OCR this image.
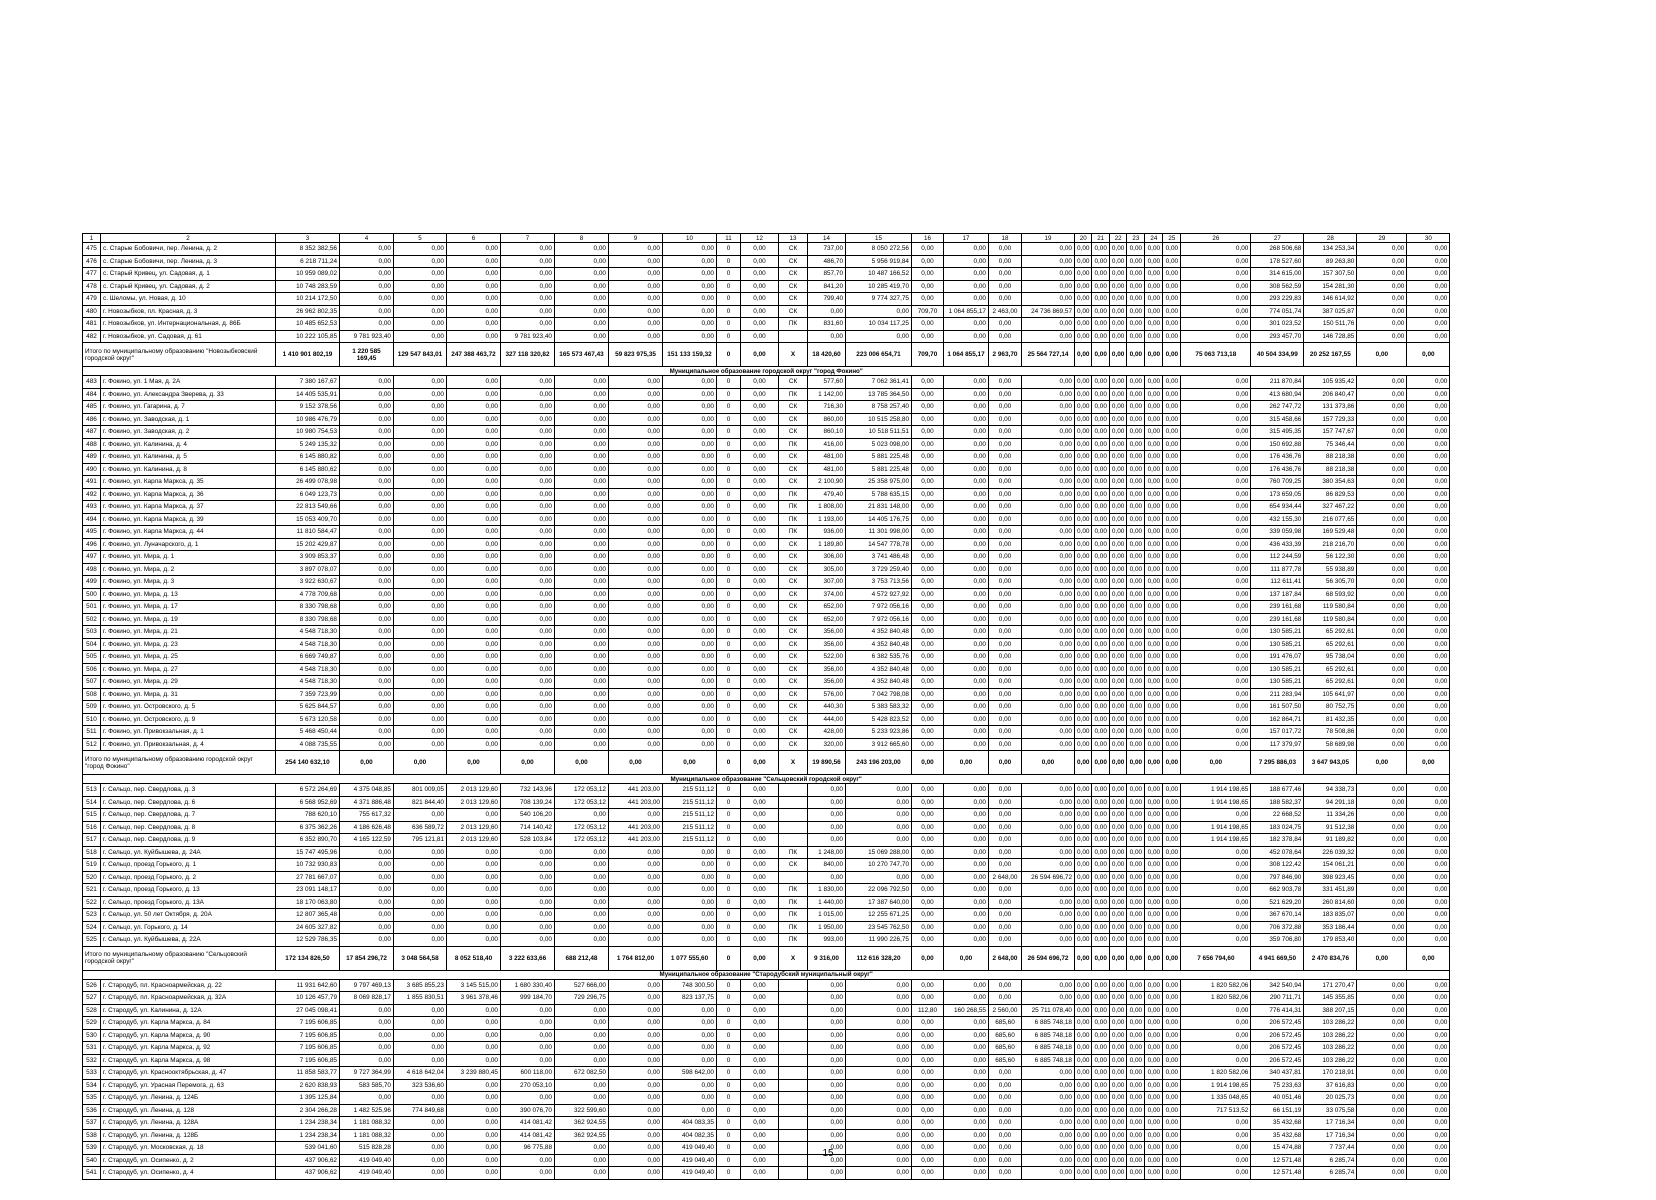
1	2	3	4	5	6	7	8	9	10	11	12	13	14	15	16	17	18	19	20	21	22	23	24	25	26	27	28	29	30
475	с. Старые Бобовичи, пер. Ленина, д. 2	8 352 382,56	0,00	0,00	0,00	0,00	0,00	0,00	0,00	0	0,00	СК	737,00	8 050 272,56	0,00	0,00	0,00	0,00	0,00	0,00	0,00	0,00	0,00	0,00	0,00	268 506,68	134 253,34	0,00	0,00
476	с. Старые Бобовичи, пер. Ленина, д. 3	6 218 711,24	0,00	0,00	0,00	0,00	0,00	0,00	0,00	0	0,00	СК	486,70	5 956 919,84	0,00	0,00	0,00	0,00	0,00	0,00	0,00	0,00	0,00	0,00	0,00	178 527,60	89 263,80	0,00	0,00
477	с. Старый Кривец, ул. Садовая, д. 1	10 959 089,02	0,00	0,00	0,00	0,00	0,00	0,00	0,00	0	0,00	СК	857,70	10 487 166,52	0,00	0,00	0,00	0,00	0,00	0,00	0,00	0,00	0,00	0,00	0,00	314 615,00	157 307,50	0,00	0,00
478	с. Старый Кривец, ул. Садовая, д. 2	10 748 283,59	0,00	0,00	0,00	0,00	0,00	0,00	0,00	0	0,00	СК	841,20	10 285 419,70	0,00	0,00	0,00	0,00	0,00	0,00	0,00	0,00	0,00	0,00	0,00	308 562,59	154 281,30	0,00	0,00
479	с. Шеломы, ул. Новая, д. 10	10 214 172,50	0,00	0,00	0,00	0,00	0,00	0,00	0,00	0	0,00	СК	799,40	9 774 327,75	0,00	0,00	0,00	0,00	0,00	0,00	0,00	0,00	0,00	0,00	0,00	293 229,83	146 614,92	0,00	0,00
480	г. Новозыбков, пл. Красная, д. 3	26 962 802,35	0,00	0,00	0,00	0,00	0,00	0,00	0,00	0	0,00	СК	0,00	0,00	709,70	1 064 855,17	2 463,00	24 736 869,57	0,00	0,00	0,00	0,00	0,00	0,00	0,00	774 051,74	387 025,87	0,00	0,00
481	г. Новозыбков, ул. Интернациональная, д. 86Б	10 485 652,53	0,00	0,00	0,00	0,00	0,00	0,00	0,00	0	0,00	ПК	831,60	10 034 117,25	0,00	0,00	0,00	0,00	0,00	0,00	0,00	0,00	0,00	0,00	0,00	301 023,52	150 511,76	0,00	0,00
482	г. Новозыбков, ул. Садовая, д. 61	10 222 105,85	9 781 923,40	0,00	0,00	9 781 923,40	0,00	0,00	0,00	0	0,00		0,00	0,00	0,00	0,00	0,00	0,00	0,00	0,00	0,00	0,00	0,00	0,00	0,00	293 457,70	146 728,85	0,00	0,00
Итого по муниципальному образованию "Новозыбковский городской округ"		1 410 901 802,19	1 220 585 169,45	129 547 843,01	247 388 463,72	327 118 320,82	165 573 467,43	59 823 975,35	151 133 159,32	0	0,00	X	18 420,60	223 006 654,71	709,70	1 064 855,17	2 963,70	25 564 727,14	0,00	0,00	0,00	0,00	0,00	0,00	75 063 713,18	40 504 334,99	20 252 167,55	0,00	0,00
Муниципальное образование городской округ "город Фокино"																													
483	г. Фокино, ул. 1 Мая, д. 2А	7 380 167,67	0,00	0,00	0,00	0,00	0,00	0,00	0,00	0	0,00	СК	577,60	7 062 361,41	0,00	0,00	0,00	0,00	0,00	0,00	0,00	0,00	0,00	0,00	0,00	211 870,84	105 935,42	0,00	0,00
484	г. Фокино, ул. Александра Зверева, д. 33	14 405 535,91	0,00	0,00	0,00	0,00	0,00	0,00	0,00	0	0,00	ПК	1 142,00	13 785 364,50	0,00	0,00	0,00	0,00	0,00	0,00	0,00	0,00	0,00	0,00	0,00	413 680,94	206 840,47	0,00	0,00
485	г. Фокино, ул. Гагарина, д. 7	9 152 378,56	0,00	0,00	0,00	0,00	0,00	0,00	0,00	0	0,00	СК	716,30	8 758 257,40	0,00	0,00	0,00	0,00	0,00	0,00	0,00	0,00	0,00	0,00	0,00	262 747,72	131 373,86	0,00	0,00
486	г. Фокино, ул. Заводская, д. 1	10 986 476,79	0,00	0,00	0,00	0,00	0,00	0,00	0,00	0	0,00	СК	860,00	10 515 258,80	0,00	0,00	0,00	0,00	0,00	0,00	0,00	0,00	0,00	0,00	0,00	315 458,66	157 729,33	0,00	0,00
487	г. Фокино, ул. Заводская, д. 2	10 980 754,53	0,00	0,00	0,00	0,00	0,00	0,00	0,00	0	0,00	СК	860,10	10 518 511,51	0,00	0,00	0,00	0,00	0,00	0,00	0,00	0,00	0,00	0,00	0,00	315 495,35	157 747,67	0,00	0,00
488	г. Фокино, ул. Калинина, д. 4	5 249 135,32	0,00	0,00	0,00	0,00	0,00	0,00	0,00	0	0,00	ПК	416,00	5 023 098,00	0,00	0,00	0,00	0,00	0,00	0,00	0,00	0,00	0,00	0,00	0,00	150 692,88	75 346,44	0,00	0,00
489	г. Фокино, ул. Калинина, д. 5	6 145 880,82	0,00	0,00	0,00	0,00	0,00	0,00	0,00	0	0,00	СК	481,00	5 881 225,48	0,00	0,00	0,00	0,00	0,00	0,00	0,00	0,00	0,00	0,00	0,00	176 436,76	88 218,38	0,00	0,00
490	г. Фокино, ул. Калинина, д. 8	6 145 880,62	0,00	0,00	0,00	0,00	0,00	0,00	0,00	0	0,00	СК	481,00	5 881 225,48	0,00	0,00	0,00	0,00	0,00	0,00	0,00	0,00	0,00	0,00	0,00	176 436,76	88 218,38	0,00	0,00
491	г. Фокино, ул. Карла Маркса, д. 35	26 499 078,98	0,00	0,00	0,00	0,00	0,00	0,00	0,00	0	0,00	СК	2 100,90	25 358 975,00	0,00	0,00	0,00	0,00	0,00	0,00	0,00	0,00	0,00	0,00	0,00	760 709,25	380 354,63	0,00	0,00
492	г. Фокино, ул. Карла Маркса, д. 36	6 049 123,73	0,00	0,00	0,00	0,00	0,00	0,00	0,00	0	0,00	ПК	479,40	5 788 635,15	0,00	0,00	0,00	0,00	0,00	0,00	0,00	0,00	0,00	0,00	0,00	173 659,05	86 829,53	0,00	0,00
493	г. Фокино, ул. Карла Маркса, д. 37	22 813 549,66	0,00	0,00	0,00	0,00	0,00	0,00	0,00	0	0,00	ПК	1 808,00	21 831 148,00	0,00	0,00	0,00	0,00	0,00	0,00	0,00	0,00	0,00	0,00	0,00	654 934,44	327 467,22	0,00	0,00
494	г. Фокино, ул. Карла Маркса, д. 39	15 053 409,70	0,00	0,00	0,00	0,00	0,00	0,00	0,00	0	0,00	ПК	1 193,00	14 405 176,75	0,00	0,00	0,00	0,00	0,00	0,00	0,00	0,00	0,00	0,00	0,00	432 155,30	216 077,65	0,00	0,00
495	г. Фокино, ул. Карла Маркса, д. 44	11 810 584,47	0,00	0,00	0,00	0,00	0,00	0,00	0,00	0	0,00	ПК	936,00	11 301 998,00	0,00	0,00	0,00	0,00	0,00	0,00	0,00	0,00	0,00	0,00	0,00	339 059,98	169 529,48	0,00	0,00
496	г. Фокино, ул. Луначарского, д. 1	15 202 429,87	0,00	0,00	0,00	0,00	0,00	0,00	0,00	0	0,00	СК	1 189,80	14 547 778,78	0,00	0,00	0,00	0,00	0,00	0,00	0,00	0,00	0,00	0,00	0,00	436 433,39	218 216,70	0,00	0,00
497	г. Фокино, ул. Мира, д. 1	3 909 853,37	0,00	0,00	0,00	0,00	0,00	0,00	0,00	0	0,00	СК	306,00	3 741 486,48	0,00	0,00	0,00	0,00	0,00	0,00	0,00	0,00	0,00	0,00	0,00	112 244,59	56 122,30	0,00	0,00
498	г. Фокино, ул. Мира, д. 2	3 897 078,07	0,00	0,00	0,00	0,00	0,00	0,00	0,00	0	0,00	СК	305,00	3 729 259,40	0,00	0,00	0,00	0,00	0,00	0,00	0,00	0,00	0,00	0,00	0,00	111 877,78	55 938,89	0,00	0,00
499	г. Фокино, ул. Мира, д. 3	3 922 630,67	0,00	0,00	0,00	0,00	0,00	0,00	0,00	0	0,00	СК	307,00	3 753 713,56	0,00	0,00	0,00	0,00	0,00	0,00	0,00	0,00	0,00	0,00	0,00	112 611,41	56 305,70	0,00	0,00
500	г. Фокино, ул. Мира, д. 13	4 778 709,68	0,00	0,00	0,00	0,00	0,00	0,00	0,00	0	0,00	СК	374,00	4 572 927,92	0,00	0,00	0,00	0,00	0,00	0,00	0,00	0,00	0,00	0,00	0,00	137 187,84	68 593,92	0,00	0,00
501	г. Фокино, ул. Мира, д. 17	8 330 798,68	0,00	0,00	0,00	0,00	0,00	0,00	0,00	0	0,00	СК	652,00	7 972 056,16	0,00	0,00	0,00	0,00	0,00	0,00	0,00	0,00	0,00	0,00	0,00	239 161,68	119 580,84	0,00	0,00
502	г. Фокино, ул. Мира, д. 19	8 330 798,68	0,00	0,00	0,00	0,00	0,00	0,00	0,00	0	0,00	СК	652,00	7 972 056,16	0,00	0,00	0,00	0,00	0,00	0,00	0,00	0,00	0,00	0,00	0,00	239 161,68	119 580,84	0,00	0,00
503	г. Фокино, ул. Мира, д. 21	4 548 718,30	0,00	0,00	0,00	0,00	0,00	0,00	0,00	0	0,00	СК	356,00	4 352 840,48	0,00	0,00	0,00	0,00	0,00	0,00	0,00	0,00	0,00	0,00	0,00	130 585,21	65 292,61	0,00	0,00
504	г. Фокино, ул. Мира, д. 23	4 548 718,30	0,00	0,00	0,00	0,00	0,00	0,00	0,00	0	0,00	СК	356,00	4 352 840,48	0,00	0,00	0,00	0,00	0,00	0,00	0,00	0,00	0,00	0,00	0,00	130 585,21	65 292,61	0,00	0,00
505	г. Фокино, ул. Мира, д. 25	6 669 749,87	0,00	0,00	0,00	0,00	0,00	0,00	0,00	0	0,00	СК	522,00	6 382 535,76	0,00	0,00	0,00	0,00	0,00	0,00	0,00	0,00	0,00	0,00	0,00	191 476,07	95 738,04	0,00	0,00
506	г. Фокино, ул. Мира, д. 27	4 548 718,30	0,00	0,00	0,00	0,00	0,00	0,00	0,00	0	0,00	СК	356,00	4 352 840,48	0,00	0,00	0,00	0,00	0,00	0,00	0,00	0,00	0,00	0,00	0,00	130 585,21	65 292,61	0,00	0,00
507	г. Фокино, ул. Мира, д. 29	4 548 718,30	0,00	0,00	0,00	0,00	0,00	0,00	0,00	0	0,00	СК	356,00	4 352 840,48	0,00	0,00	0,00	0,00	0,00	0,00	0,00	0,00	0,00	0,00	0,00	130 585,21	65 292,61	0,00	0,00
508	г. Фокино, ул. Мира, д. 31	7 359 723,99	0,00	0,00	0,00	0,00	0,00	0,00	0,00	0	0,00	СК	576,00	7 042 798,08	0,00	0,00	0,00	0,00	0,00	0,00	0,00	0,00	0,00	0,00	0,00	211 283,94	105 641,97	0,00	0,00
509	г. Фокино, ул. Островского, д. 5	5 625 844,57	0,00	0,00	0,00	0,00	0,00	0,00	0,00	0	0,00	СК	440,30	5 383 583,32	0,00	0,00	0,00	0,00	0,00	0,00	0,00	0,00	0,00	0,00	0,00	161 507,50	80 752,75	0,00	0,00
510	г. Фокино, ул. Островского, д. 9	5 673 120,58	0,00	0,00	0,00	0,00	0,00	0,00	0,00	0	0,00	СК	444,00	5 428 823,52	0,00	0,00	0,00	0,00	0,00	0,00	0,00	0,00	0,00	0,00	0,00	162 864,71	81 432,35	0,00	0,00
511	г. Фокино, ул. Привокзальная, д. 1	5 468 450,44	0,00	0,00	0,00	0,00	0,00	0,00	0,00	0	0,00	СК	428,00	5 233 923,86	0,00	0,00	0,00	0,00	0,00	0,00	0,00	0,00	0,00	0,00	0,00	157 017,72	78 508,86	0,00	0,00
512	г. Фокино, ул. Привокзальная, д. 4	4 088 735,55	0,00	0,00	0,00	0,00	0,00	0,00	0,00	0	0,00	СК	320,00	3 912 665,60	0,00	0,00	0,00	0,00	0,00	0,00	0,00	0,00	0,00	0,00	0,00	117 379,97	58 689,98	0,00	0,00
Итого по муниципальному образованию городской округ "город Фокино"		254 140 632,10	0,00	0,00	0,00	0,00	0,00	0,00	0,00	0	0,00	X	19 890,56	243 196 203,00	0,00	0,00	0,00	0,00	0,00	0,00	0,00	0,00	0,00	0,00	0,00	7 295 886,03	3 647 943,05	0,00	0,00
Муниципальное образование "Сельцовский городской округ"																													
513	г. Сельцо, пер. Свердлова, д. 3	6 572 264,69	4 375 048,85	801 009,05	2 013 129,60	732 143,96	172 053,12	441 203,00	215 511,12	0	0,00		0,00	0,00	0,00	0,00	0,00	0,00	0,00	0,00	0,00	0,00	0,00	0,00	1 914 198,65	188 677,46	94 338,73	0,00	0,00
514	г. Сельцо, пер. Свердлова, д. 6	6 568 952,69	4 371 886,48	821 844,40	2 013 129,60	708 139,24	172 053,12	441 203,00	215 511,12	0	0,00		0,00	0,00	0,00	0,00	0,00	0,00	0,00	0,00	0,00	0,00	0,00	0,00	1 914 198,65	188 582,37	94 291,18	0,00	0,00
515	г. Сельцо, пер. Свердлова, д. 7	788 620,10	755 617,32	0,00	0,00	540 106,20	0,00	0,00	215 511,12	0	0,00		0,00	0,00	0,00	0,00	0,00	0,00	0,00	0,00	0,00	0,00	0,00	0,00	0,00	22 668,52	11 334,26	0,00	0,00
516	г. Сельцо, пер. Свердлова, д. 8	6 375 362,26	4 186 626,48	636 589,72	2 013 129,60	714 140,42	172 053,12	441 203,00	215 511,12	0	0,00		0,00	0,00	0,00	0,00	0,00	0,00	0,00	0,00	0,00	0,00	0,00	0,00	1 914 198,65	183 024,75	91 512,38	0,00	0,00
517	г. Сельцо, пер. Свердлова, д. 9	6 352 890,70	4 165 122,59	795 121,81	2 013 129,60	528 103,84	172 053,12	441 203,00	215 511,12	0	0,00		0,00	0,00	0,00	0,00	0,00	0,00	0,00	0,00	0,00	0,00	0,00	0,00	1 914 198,65	182 378,84	91 189,82	0,00	0,00
518	г. Сельцо, ул. Куйбышева, д. 24А	15 747 495,96	0,00	0,00	0,00	0,00	0,00	0,00	0,00	0	0,00	ПК	1 248,00	15 069 288,00	0,00	0,00	0,00	0,00	0,00	0,00	0,00	0,00	0,00	0,00	0,00	452 078,64	226 039,32	0,00	0,00
519	г. Сельцо, проезд Горького, д. 1	10 732 930,83	0,00	0,00	0,00	0,00	0,00	0,00	0,00	0	0,00	СК	840,00	10 270 747,70	0,00	0,00	0,00	0,00	0,00	0,00	0,00	0,00	0,00	0,00	0,00	308 122,42	154 061,21	0,00	0,00
520	г. Сельцо, проезд Горького, д. 2	27 781 667,07	0,00	0,00	0,00	0,00	0,00	0,00	0,00	0	0,00		0,00	0,00	0,00	0,00	2 648,00	26 594 696,72	0,00	0,00	0,00	0,00	0,00	0,00	0,00	797 846,90	398 923,45	0,00	0,00
521	г. Сельцо, проезд Горького, д. 13	23 091 148,17	0,00	0,00	0,00	0,00	0,00	0,00	0,00	0	0,00	ПК	1 830,00	22 096 792,50	0,00	0,00	0,00	0,00	0,00	0,00	0,00	0,00	0,00	0,00	0,00	662 903,78	331 451,89	0,00	0,00
522	г. Сельцо, проезд Горького, д. 13А	18 170 063,80	0,00	0,00	0,00	0,00	0,00	0,00	0,00	0	0,00	ПК	1 440,00	17 387 640,00	0,00	0,00	0,00	0,00	0,00	0,00	0,00	0,00	0,00	0,00	0,00	521 629,20	260 814,60	0,00	0,00
523	г. Сельцо, ул. 50 лет Октября, д. 20А	12 807 365,48	0,00	0,00	0,00	0,00	0,00	0,00	0,00	0	0,00	ПК	1 015,00	12 255 671,25	0,00	0,00	0,00	0,00	0,00	0,00	0,00	0,00	0,00	0,00	0,00	367 670,14	183 835,07	0,00	0,00
524	г. Сельцо, ул. Горького, д. 14	24 605 327,82	0,00	0,00	0,00	0,00	0,00	0,00	0,00	0	0,00	ПК	1 950,00	23 545 762,50	0,00	0,00	0,00	0,00	0,00	0,00	0,00	0,00	0,00	0,00	0,00	706 372,88	353 186,44	0,00	0,00
525	г. Сельцо, ул. Куйбышева, д. 22А	12 529 786,35	0,00	0,00	0,00	0,00	0,00	0,00	0,00	0	0,00	ПК	993,00	11 990 226,75	0,00	0,00	0,00	0,00	0,00	0,00	0,00	0,00	0,00	0,00	0,00	359 706,80	179 853,40	0,00	0,00
Итого по муниципальному образованию "Сельцовский городской округ"		172 134 826,50	17 854 296,72	3 048 564,58	8 052 518,40	3 222 633,66	688 212,48	1 764 812,00	1 077 555,60	0	0,00	X	9 316,00	112 616 328,20	0,00	0,00	2 648,00	26 594 696,72	0,00	0,00	0,00	0,00	0,00	0,00	7 656 794,60	4 941 669,50	2 470 834,76	0,00	0,00
Муниципальное образование "Стародубский муниципальный округ"																													
526	г. Стародуб, пл. Красноармейская, д. 22	11 931 642,60	9 797 469,13	3 685 855,23	3 145 515,00	1 680 330,40	527 666,00	0,00	748 300,50	0	0,00		0,00	0,00	0,00	0,00	0,00	0,00	0,00	0,00	0,00	0,00	0,00	0,00	1 820 582,06	342 540,94	171 270,47	0,00	0,00
527	г. Стародуб, пл. Красноармейская, д. 32А	10 126 457,79	8 069 828,17	1 855 830,51	3 961 378,46	999 184,70	729 296,75	0,00	823 137,75	0	0,00		0,00	0,00	0,00	0,00	0,00	0,00	0,00	0,00	0,00	0,00	0,00	0,00	1 820 582,06	290 711,71	145 355,85	0,00	0,00
528	г. Стародуб, ул. Калинина, д. 12А	27 045 098,41	0,00	0,00	0,00	0,00	0,00	0,00	0,00	0	0,00		0,00	0,00	112,80	160 268,55	2 560,00	25 711 078,40	0,00	0,00	0,00	0,00	0,00	0,00	0,00	776 414,31	388 207,15	0,00	0,00
529	г. Стародуб, ул. Карла Маркса, д. 84	7 195 606,85	0,00	0,00	0,00	0,00	0,00	0,00	0,00	0	0,00		0,00	0,00	0,00	0,00	685,60	6 885 748,18	0,00	0,00	0,00	0,00	0,00	0,00	0,00	206 572,45	103 286,22	0,00	0,00
530	г. Стародуб, ул. Карла Маркса, д. 90	7 195 606,85	0,00	0,00	0,00	0,00	0,00	0,00	0,00	0	0,00		0,00	0,00	0,00	0,00	685,60	6 885 748,18	0,00	0,00	0,00	0,00	0,00	0,00	0,00	206 572,45	103 286,22	0,00	0,00
531	г. Стародуб, ул. Карла Маркса, д. 92	7 195 606,85	0,00	0,00	0,00	0,00	0,00	0,00	0,00	0	0,00		0,00	0,00	0,00	0,00	685,60	6 885 748,18	0,00	0,00	0,00	0,00	0,00	0,00	0,00	206 572,45	103 286,22	0,00	0,00
532	г. Стародуб, ул. Карла Маркса, д. 98	7 195 606,85	0,00	0,00	0,00	0,00	0,00	0,00	0,00	0	0,00		0,00	0,00	0,00	0,00	685,60	6 885 748,18	0,00	0,00	0,00	0,00	0,00	0,00	0,00	206 572,45	103 286,22	0,00	0,00
533	г. Стародуб, ул. Краснооктябрьская, д. 47	11 858 583,77	9 727 364,99	4 618 642,04	3 239 880,45	600 118,00	672 082,50	0,00	598 642,00	0	0,00		0,00	0,00	0,00	0,00	0,00	0,00	0,00	0,00	0,00	0,00	0,00	0,00	1 820 582,06	340 437,81	170 218,91	0,00	0,00
534	г. Стародуб, ул. Урасная Перемога, д. 63	2 620 838,93	583 585,70	323 536,60	0,00	270 053,10	0,00	0,00	0,00	0	0,00		0,00	0,00	0,00	0,00	0,00	0,00	0,00	0,00	0,00	0,00	0,00	0,00	1 914 198,65	75 233,63	37 616,83	0,00	0,00
535	г. Стародуб, ул. Ленина, д. 124Б	1 395 125,84	0,00	0,00	0,00	0,00	0,00	0,00	0,00	0	0,00		0,00	0,00	0,00	0,00	0,00	0,00	0,00	0,00	0,00	0,00	0,00	0,00	1 335 048,65	40 051,46	20 025,73	0,00	0,00
536	г. Стародуб, ул. Ленина, д. 128	2 304 266,28	1 482 525,96	774 849,68	0,00	390 076,70	322 599,60	0,00	0,00	0	0,00		0,00	0,00	0,00	0,00	0,00	0,00	0,00	0,00	0,00	0,00	0,00	0,00	717 513,52	66 151,19	33 075,58	0,00	0,00
537	г. Стародуб, ул. Ленина, д. 128А	1 234 238,34	1 181 088,32	0,00	0,00	414 081,42	362 924,55	0,00	404 083,35	0	0,00		0,00	0,00	0,00	0,00	0,00	0,00	0,00	0,00	0,00	0,00	0,00	0,00	0,00	35 432,68	17 716,34	0,00	0,00
538	г. Стародуб, ул. Ленина, д. 128Б	1 234 238,34	1 181 088,32	0,00	0,00	414 081,42	362 924,55	0,00	404 082,35	0	0,00		0,00	0,00	0,00	0,00	0,00	0,00	0,00	0,00	0,00	0,00	0,00	0,00	0,00	35 432,68	17 716,34	0,00	0,00
539	г. Стародуб, ул. Московская, д. 18	539 041,60	515 828,28	0,00	0,00	96 775,88	0,00	0,00	419 049,40	0	0,00		0,00	0,00	0,00	0,00	0,00	0,00	0,00	0,00	0,00	0,00	0,00	0,00	0,00	15 474,88	7 737,44	0,00	0,00
540	г. Стародуб, ул. Осипенко, д. 2	437 906,62	419 049,40	0,00	0,00	0,00	0,00	0,00	419 049,40	0	0,00		0,00	0,00	0,00	0,00	0,00	0,00	0,00	0,00	0,00	0,00	0,00	0,00	0,00	12 571,48	6 285,74	0,00	0,00
541	г. Стародуб, ул. Осипенко, д. 4	437 906,62	419 049,40	0,00	0,00	0,00	0,00	0,00	419 049,40	0	0,00		0,00	0,00	0,00	0,00	0,00	0,00	0,00	0,00	0,00	0,00	0,00	0,00	0,00	12 571,48	6 285,74	0,00	0,00
15
